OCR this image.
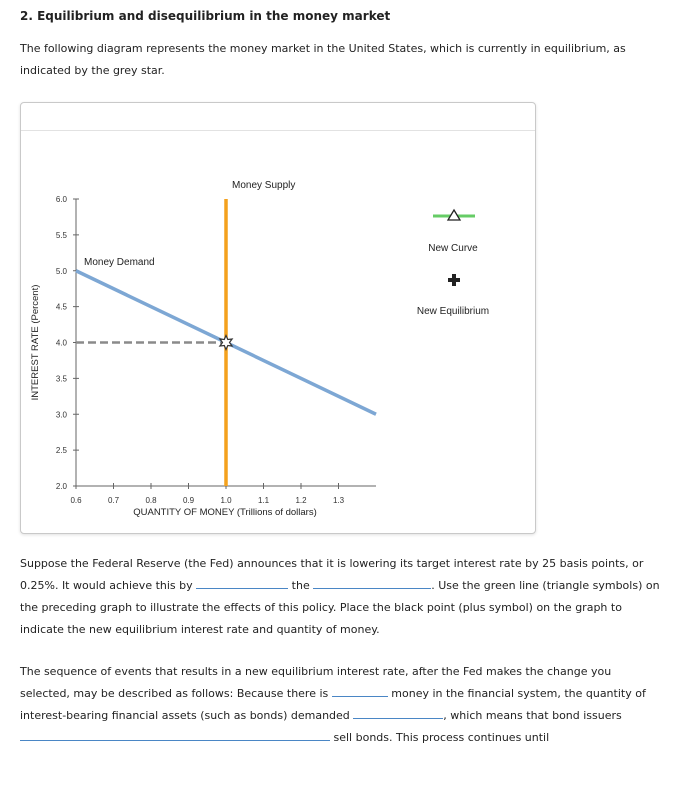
2. Equilibrium and disequilibrium in the money market
The following diagram represents the money market in the United States, which is currently in equilibrium, as indicated by the grey star.
6.0
5.5
5.0
4.5
4.0
3.5
3.0
2.5
2.0
0.6	0.7	0.8	0.9	1.0	1.1	1.2	1.3
QUANTITY OF MONEY (Trillions of dollars)
INTEREST RATE (Percent)
Money Demand
Money Supply
New Curve
New Equilibrium
Suppose the Federal Reserve (the Fed) announces that it is lowering its target interest rate by 25 basis points, or 0.25%. It would achieve this by	the	. Use the green line (triangle symbols) on the preceding graph to illustrate the effects of this policy. Place the black point (plus symbol) on the graph to indicate the new equilibrium interest rate and quantity of money.
The sequence of events that results in a new equilibrium interest rate, after the Fed makes the change you selected, may be described as follows: Because there is	money in the financial system, the quantity of interest-bearing financial assets (such as bonds) demanded	, which means that bond issuers  sell bonds. This process continues until
